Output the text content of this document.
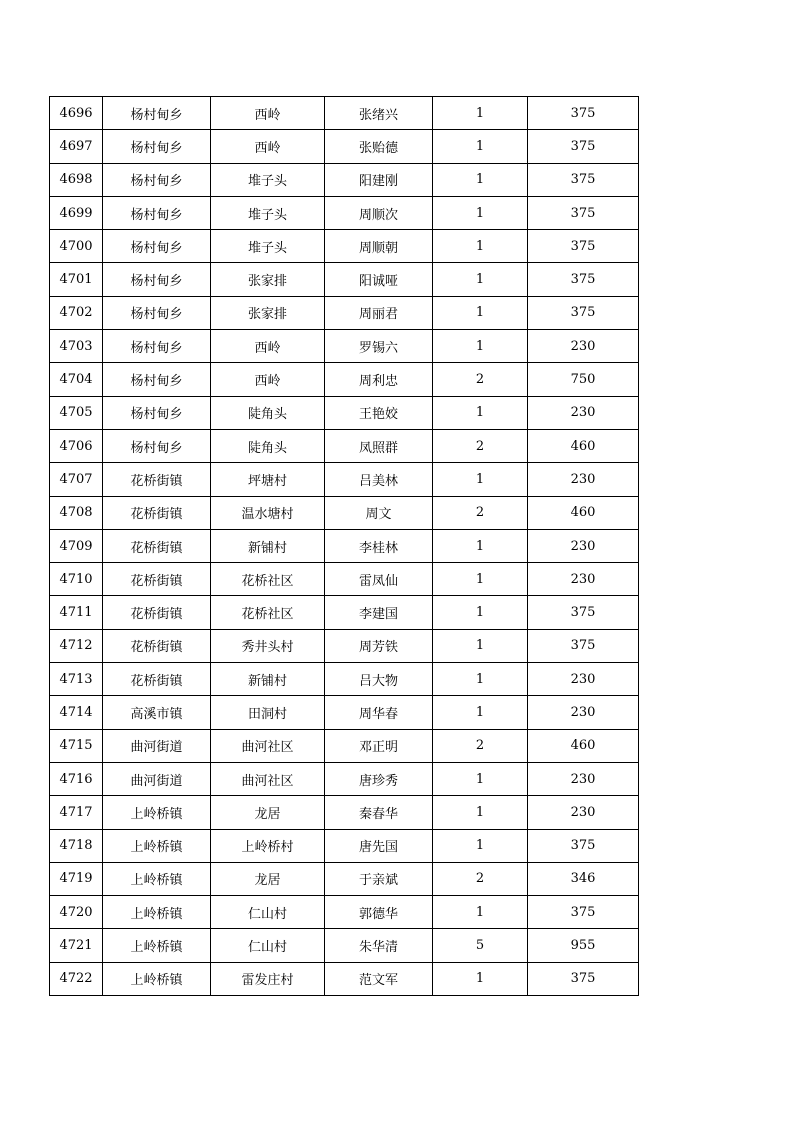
4696	杨村甸乡	西岭	张绪兴	1	375
4697	杨村甸乡	西岭	张贻德	1	375
4698	杨村甸乡	堆子头	阳建刚	1	375
4699	杨村甸乡	堆子头	周顺次	1	375
4700	杨村甸乡	堆子头	周顺朝	1	375
4701	杨村甸乡	张家排	阳诚哑	1	375
4702	杨村甸乡	张家排	周丽君	1	375
4703	杨村甸乡	西岭	罗锡六	1	230
4704	杨村甸乡	西岭	周利忠	2	750
4705	杨村甸乡	陡角头	王艳姣	1	230
4706	杨村甸乡	陡角头	凤照群	2	460
4707	花桥街镇	坪塘村	吕美林	1	230
4708	花桥街镇	温水塘村	周文	2	460
4709	花桥街镇	新铺村	李桂林	1	230
4710	花桥街镇	花桥社区	雷凤仙	1	230
4711	花桥街镇	花桥社区	李建国	1	375
4712	花桥街镇	秀井头村	周芳铁	1	375
4713	花桥街镇	新铺村	吕大物	1	230
4714	高溪市镇	田洞村	周华春	1	230
4715	曲河街道	曲河社区	邓正明	2	460
4716	曲河街道	曲河社区	唐珍秀	1	230
4717	上岭桥镇	龙居	秦春华	1	230
4718	上岭桥镇	上岭桥村	唐先国	1	375
4719	上岭桥镇	龙居	于亲斌	2	346
4720	上岭桥镇	仁山村	郭德华	1	375
4721	上岭桥镇	仁山村	朱华清	5	955
4722	上岭桥镇	雷发庄村	范文军	1	375
